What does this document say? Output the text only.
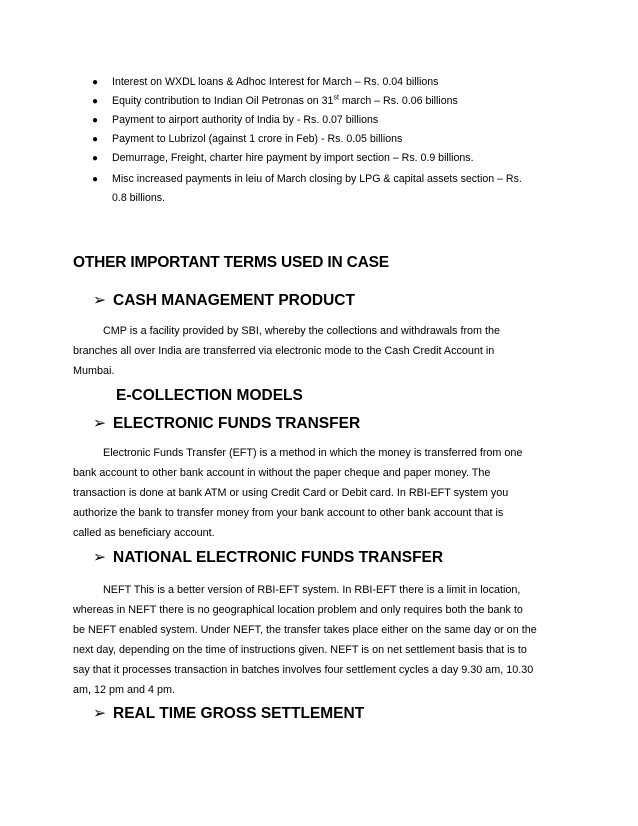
● Interest on WXDL loans & Adhoc Interest for March – Rs. 0.04 billions
● Equity contribution to Indian Oil Petronas on 31st march – Rs. 0.06 billions
● Payment to airport authority of India by - Rs. 0.07 billions
● Payment to Lubrizol (against 1 crore in Feb) - Rs. 0.05 billions
● Demurrage, Freight, charter hire payment by import section – Rs. 0.9 billions.
● Misc increased payments in leiu of March closing by LPG & capital assets section – Rs.
0.8 billions.
OTHER IMPORTANT TERMS USED IN CASE
➢ CASH MANAGEMENT PRODUCT

CMP is a facility provided by SBI, whereby the collections and withdrawals from the

branches all over India are transferred via electronic mode to the Cash Credit Account in

Mumbai.

E-COLLECTION MODELS
➢ ELECTRONIC FUNDS TRANSFER

Electronic Funds Transfer (EFT) is a method in which the money is transferred from one

bank account to other bank account in without the paper cheque and paper money. The

transaction is done at bank ATM or using Credit Card or Debit card. In RBI-EFT system you

authorize the bank to transfer money from your bank account to other bank account that is

called as beneficiary account.

➢ NATIONAL ELECTRONIC FUNDS TRANSFER

NEFT This is a better version of RBI-EFT system. In RBI-EFT there is a limit in location,

whereas in NEFT there is no geographical location problem and only requires both the bank to

be NEFT enabled system. Under NEFT, the transfer takes place either on the same day or on the

next day, depending on the time of instructions given. NEFT is on net settlement basis that is to

say that it processes transaction in batches involves four settlement cycles a day 9.30 am, 10.30

am, 12 pm and 4 pm.

➢ REAL TIME GROSS SETTLEMENT
